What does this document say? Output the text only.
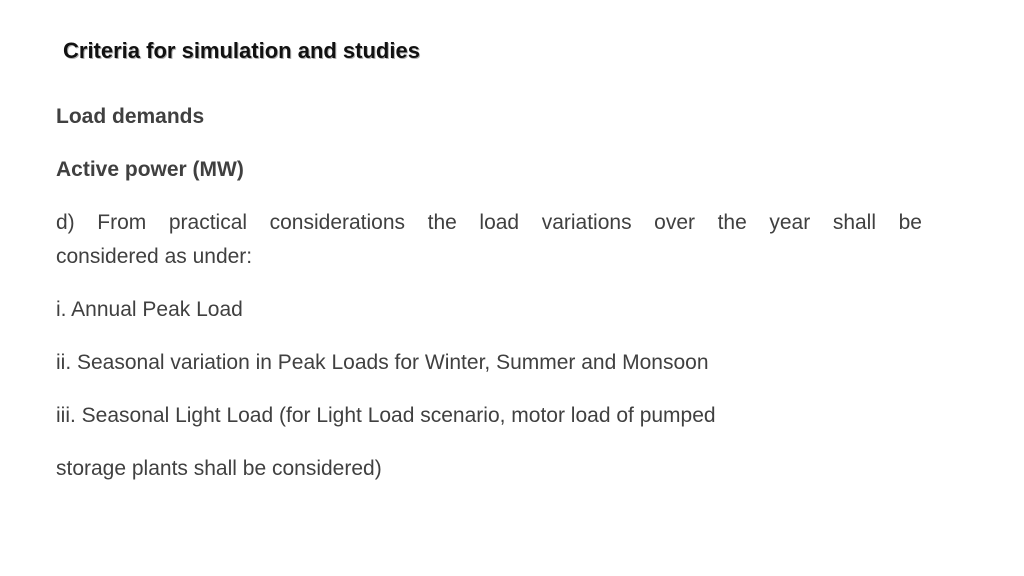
Criteria for simulation and studies
Load demands
Active power (MW)
d) From practical considerations the load variations over the year shall be
considered as under:
i. Annual Peak Load
ii. Seasonal variation in Peak Loads for Winter, Summer and Monsoon
iii. Seasonal Light Load (for Light Load scenario, motor load of pumped
storage plants shall be considered)
